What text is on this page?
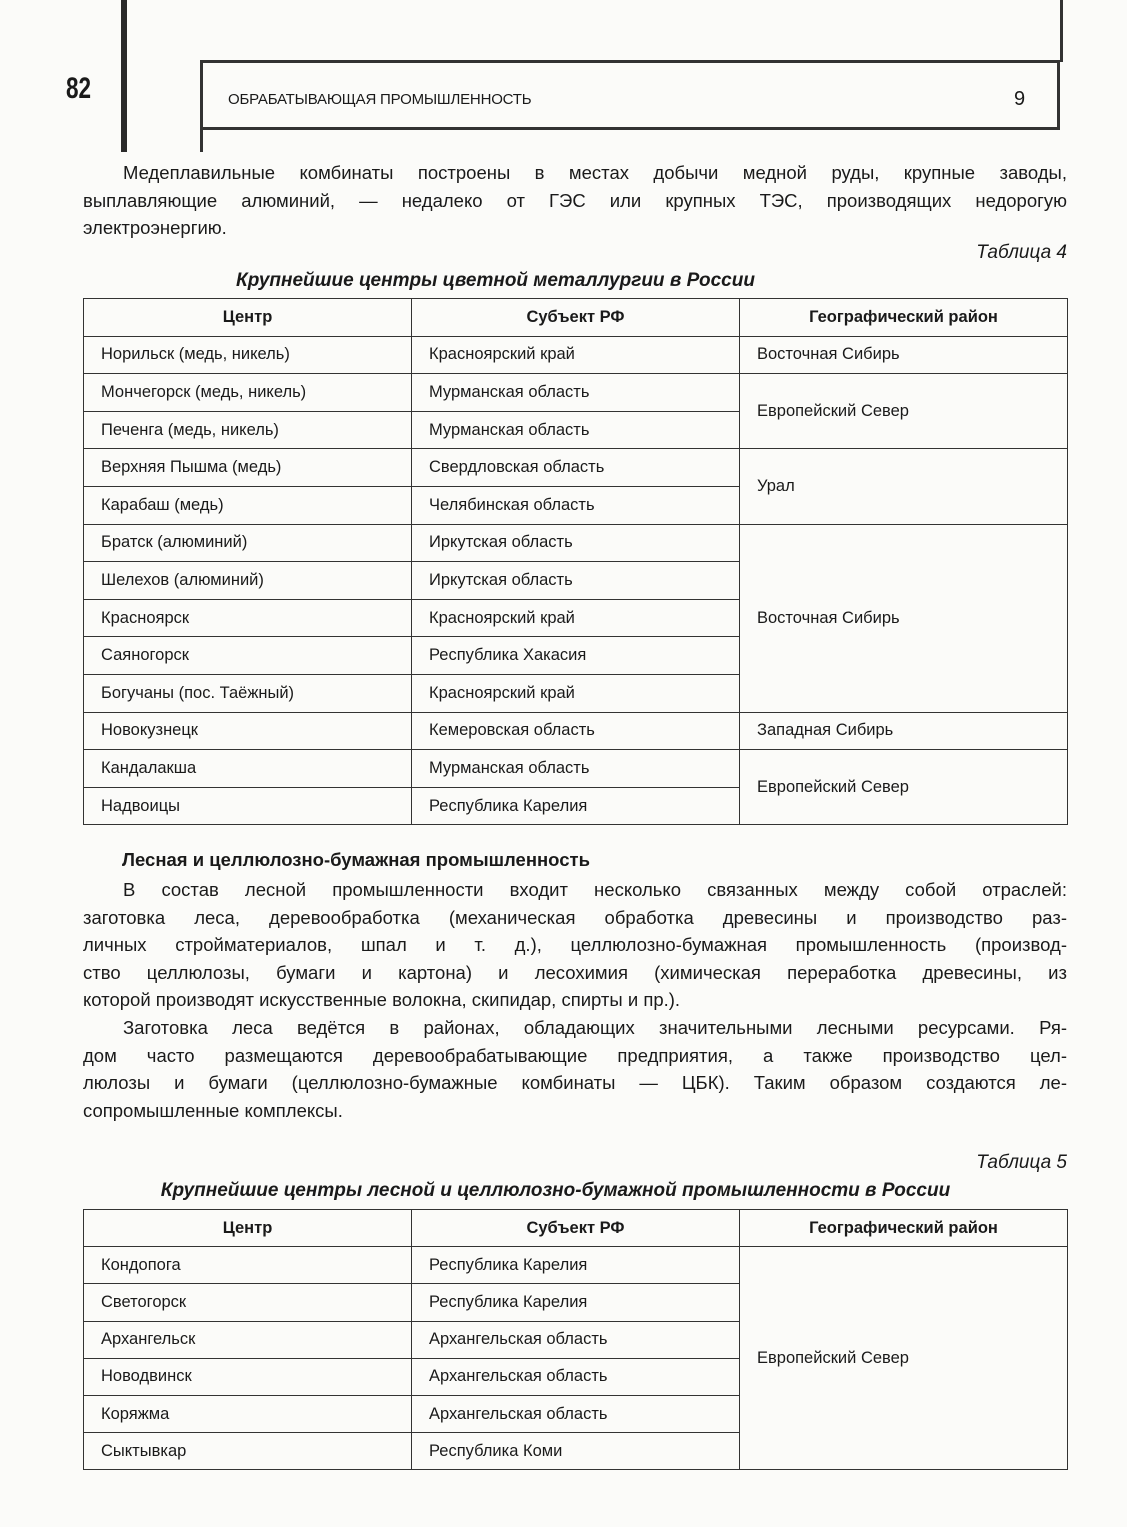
82	ОБРАБАТЫВАЮЩАЯ ПРОМЫШЛЕННОСТЬ	9
Медеплавильные комбинаты построены в местах добычи медной руды, крупные заводы,
выплавляющие алюминий, — недалеко от ГЭС или крупных ТЭС, производящих недорогую
электроэнергию.
Таблица 4
Крупнейшие центры цветной металлургии в России
Центр	Субъект РФ	Географический район
Норильск (медь, никель)	Красноярский край	Восточная Сибирь
Мончегорск (медь, никель)	Мурманская область	Европейский Север
Печенга (медь, никель)	Мурманская область	
Верхняя Пышма (медь)	Свердловская область	Урал
Карабаш (медь)	Челябинская область	
Братск (алюминий)	Иркутская область	Восточная Сибирь
Шелехов (алюминий)	Иркутская область	
Красноярск	Красноярский край	
Саяногорск	Республика Хакасия	
Богучаны (пос. Таёжный)	Красноярский край	
Новокузнецк	Кемеровская область	Западная Сибирь
Кандалакша	Мурманская область	Европейский Север
Надвоицы	Республика Карелия	
Лесная и целлюлозно-бумажная промышленность
В состав лесной промышленности входит несколько связанных между собой отраслей:
заготовка леса, деревообработка (механическая обработка древесины и производство раз-
личных стройматериалов, шпал и т. д.), целлюлозно-бумажная промышленность (производ-
ство целлюлозы, бумаги и картона) и лесохимия (химическая переработка древесины, из
которой производят искусственные волокна, скипидар, спирты и пр.).
Заготовка леса ведётся в районах, обладающих значительными лесными ресурсами. Ря-
дом часто размещаются деревообрабатывающие предприятия, а также производство цел-
люлозы и бумаги (целлюлозно-бумажные комбинаты — ЦБК). Таким образом создаются ле-
сопромышленные комплексы.
Таблица 5
Крупнейшие центры лесной и целлюлозно-бумажной промышленности в России
Центр	Субъект РФ	Географический район
Кондопога	Республика Карелия	Европейский Север
Светогорск	Республика Карелия	
Архангельск	Архангельская область	
Новодвинск	Архангельская область	
Коряжма	Архангельская область	
Сыктывкар	Республика Коми	
